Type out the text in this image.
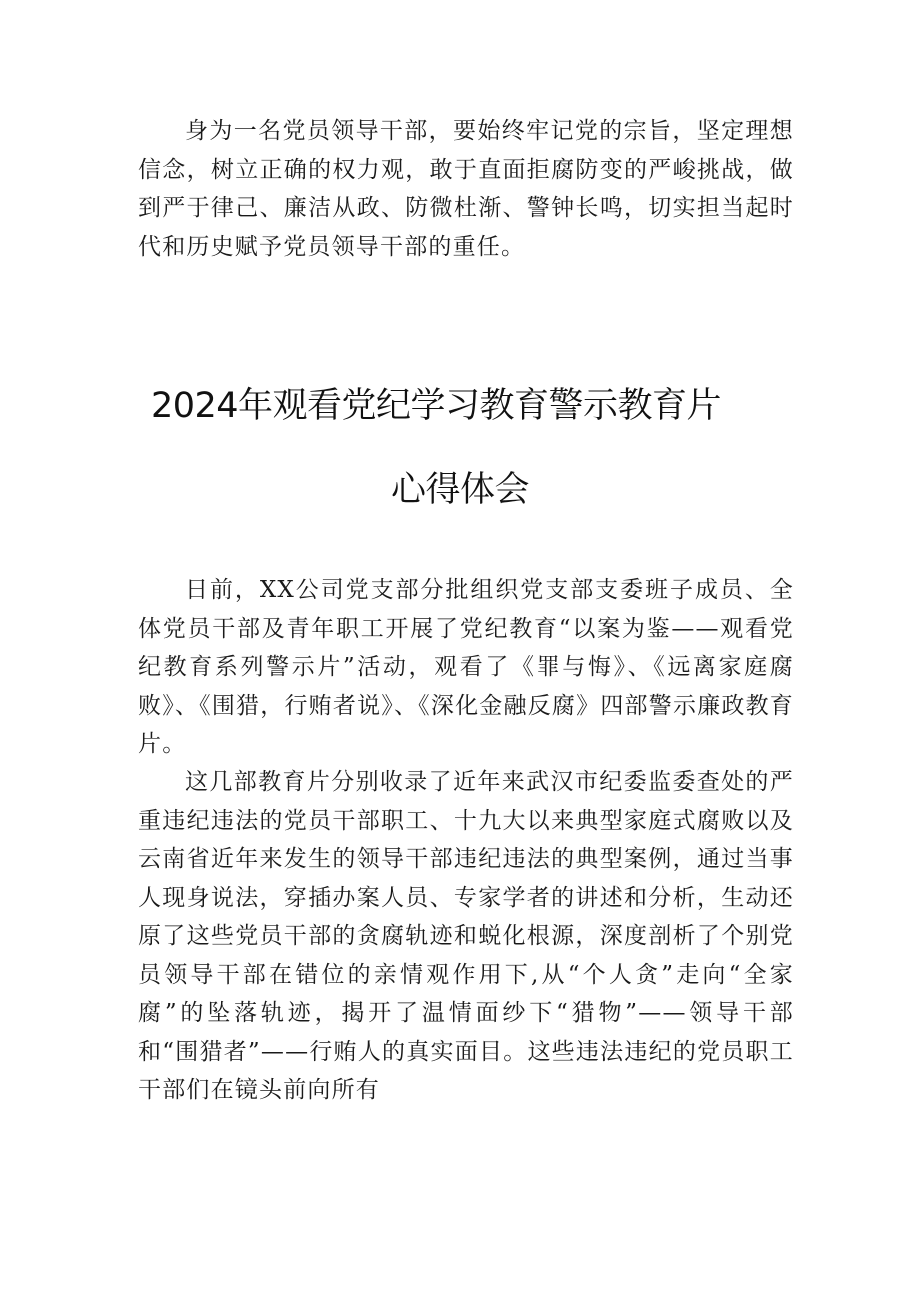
身为一名党员领导干部，要始终牢记党的宗旨，坚定理想信念，树立正确的权力观，敢于直面拒腐防变的严峻挑战，做到严于律己、廉洁从政、防微杜渐、警钟长鸣，切实担当起时代和历史赋予党员领导干部的重任。

2024年观看党纪学习教育警示教育片
心得体会

日前，XX公司党支部分批组织党支部支委班子成员、全体党员干部及青年职工开展了党纪教育“以案为鉴——观看党纪教育系列警示片”活动，观看了《罪与悔》、《远离家庭腐败》、《围猎，行贿者说》、《深化金融反腐》四部警示廉政教育片。

这几部教育片分别收录了近年来武汉市纪委监委查处的严重违纪违法的党员干部职工、十九大以来典型家庭式腐败以及云南省近年来发生的领导干部违纪违法的典型案例，通过当事人现身说法，穿插办案人员、专家学者的讲述和分析，生动还原了这些党员干部的贪腐轨迹和蜕化根源，深度剖析了个别党员领导干部在错位的亲情观作用下,从“个人贪”走向“全家腐”的坠落轨迹，揭开了温情面纱下“猎物”——领导干部和“围猎者”——行贿人的真实面目。这些违法违纪的党员职工干部们在镜头前向所有
